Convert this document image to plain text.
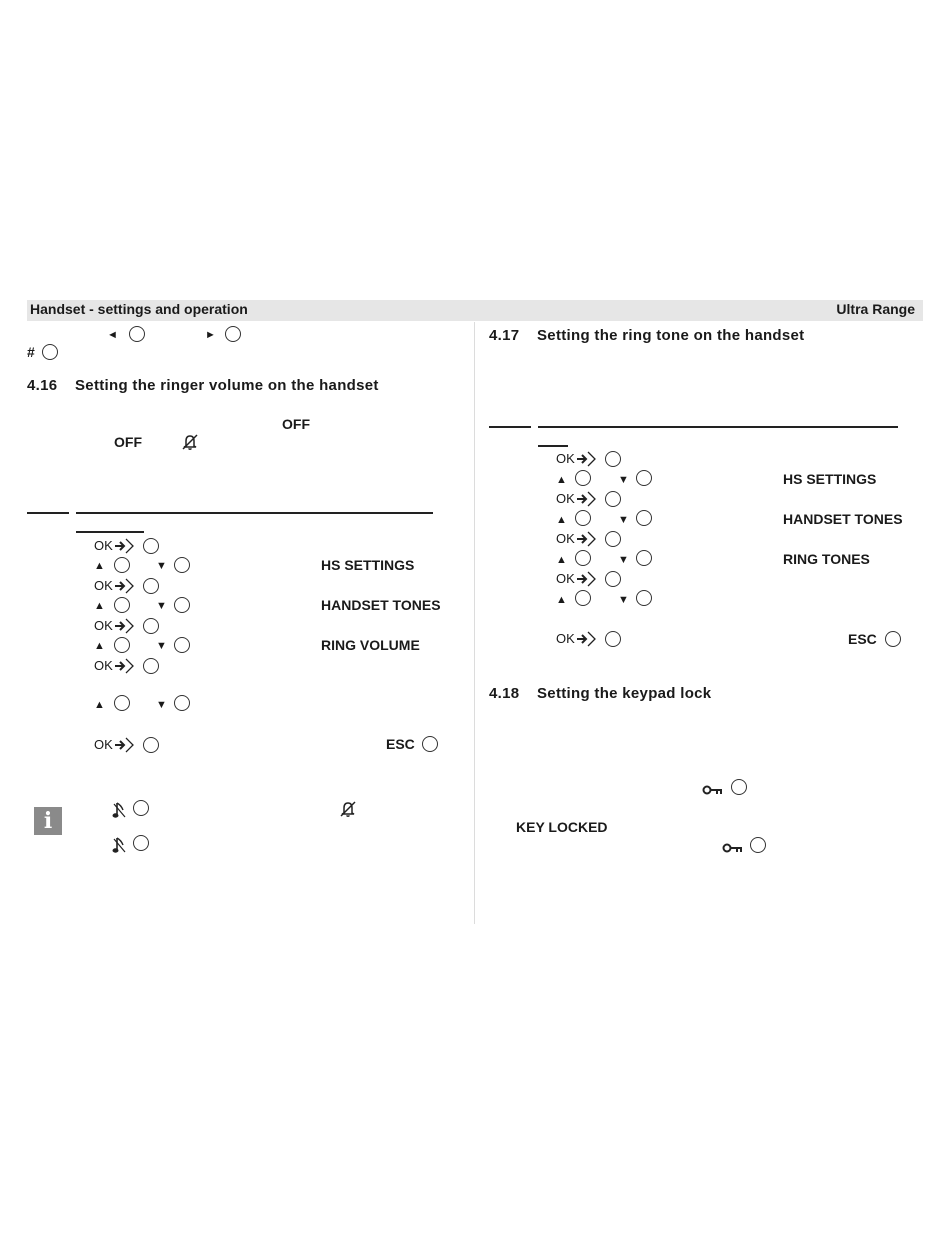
Handset - settings and operation	Ultra Range
◄	►
#
4.16 Setting the ringer volume on the handset
OFF
OFF
OK
▲	▼	HS SETTINGS
OK
▲	▼	HANDSET TONES
OK
▲	▼	RING VOLUME
OK
▲	▼
OK	ESC
i
4.17 Setting the ring tone on the handset
OK
▲	▼	HS SETTINGS
OK
▲	▼	HANDSET TONES
OK
▲	▼	RING TONES
OK
▲	▼
OK	ESC
4.18 Setting the keypad lock
KEY LOCKED
